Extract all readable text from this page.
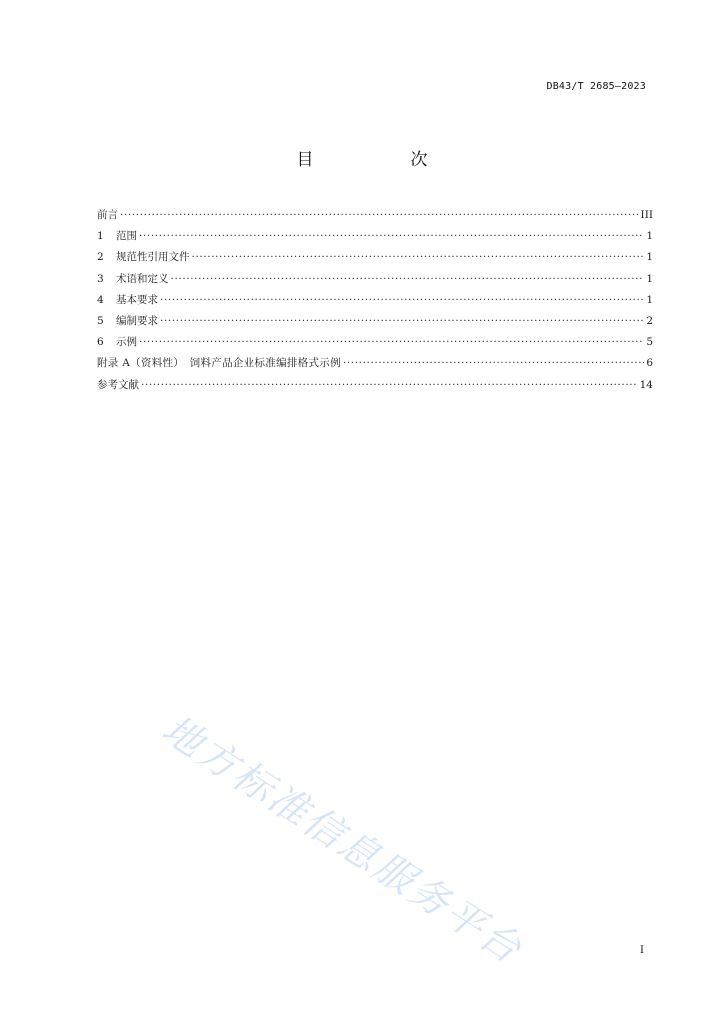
DB43/T 2685—2023
目　次
前言 ·····	III
1	范围 ·····	1
2	规范性引用文件 ·····	1
3	术语和定义 ·····	1
4	基本要求 ·····	1
5	编制要求 ·····	2
6	示例 ·····	5
附录 A（资料性）　饲料产品企业标准编排格式示例 ·····	6
参考文献 ·····	14
地方标准信息服务平台	I
